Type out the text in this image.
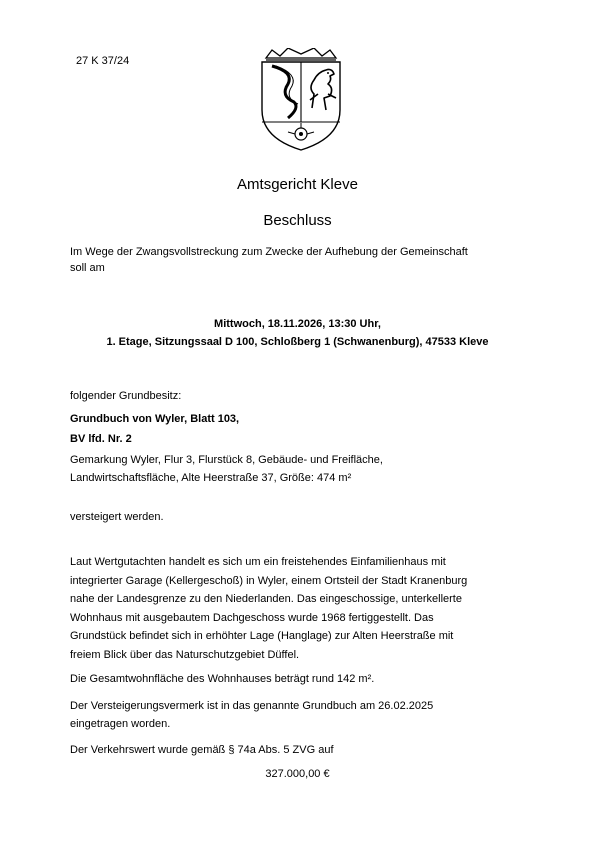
27 K 37/24
Amtsgericht Kleve
Beschluss
Im Wege der Zwangsvollstreckung zum Zwecke der Aufhebung der Gemeinschaft
soll am
Mittwoch, 18.11.2026, 13:30 Uhr,
1. Etage, Sitzungssaal D 100, Schloßberg 1 (Schwanenburg), 47533 Kleve
folgender Grundbesitz:
Grundbuch von Wyler, Blatt 103,
BV lfd. Nr. 2
Gemarkung Wyler, Flur 3, Flurstück 8, Gebäude- und Freifläche,
Landwirtschaftsfläche, Alte Heerstraße 37, Größe: 474 m²
versteigert werden.
Laut Wertgutachten handelt es sich um ein freistehendes Einfamilienhaus mit
integrierter Garage (Kellergeschoß) in Wyler, einem Ortsteil der Stadt Kranenburg
nahe der Landesgrenze zu den Niederlanden. Das eingeschossige, unterkellerte
Wohnhaus mit ausgebautem Dachgeschoss wurde 1968 fertiggestellt. Das
Grundstück befindet sich in erhöhter Lage (Hanglage) zur Alten Heerstraße mit
freiem Blick über das Naturschutzgebiet Düffel.
Die Gesamtwohnfläche des Wohnhauses beträgt rund 142 m².
Der Versteigerungsvermerk ist in das genannte Grundbuch am 26.02.2025
eingetragen worden.
Der Verkehrswert wurde gemäß § 74a Abs. 5 ZVG auf
327.000,00 €
